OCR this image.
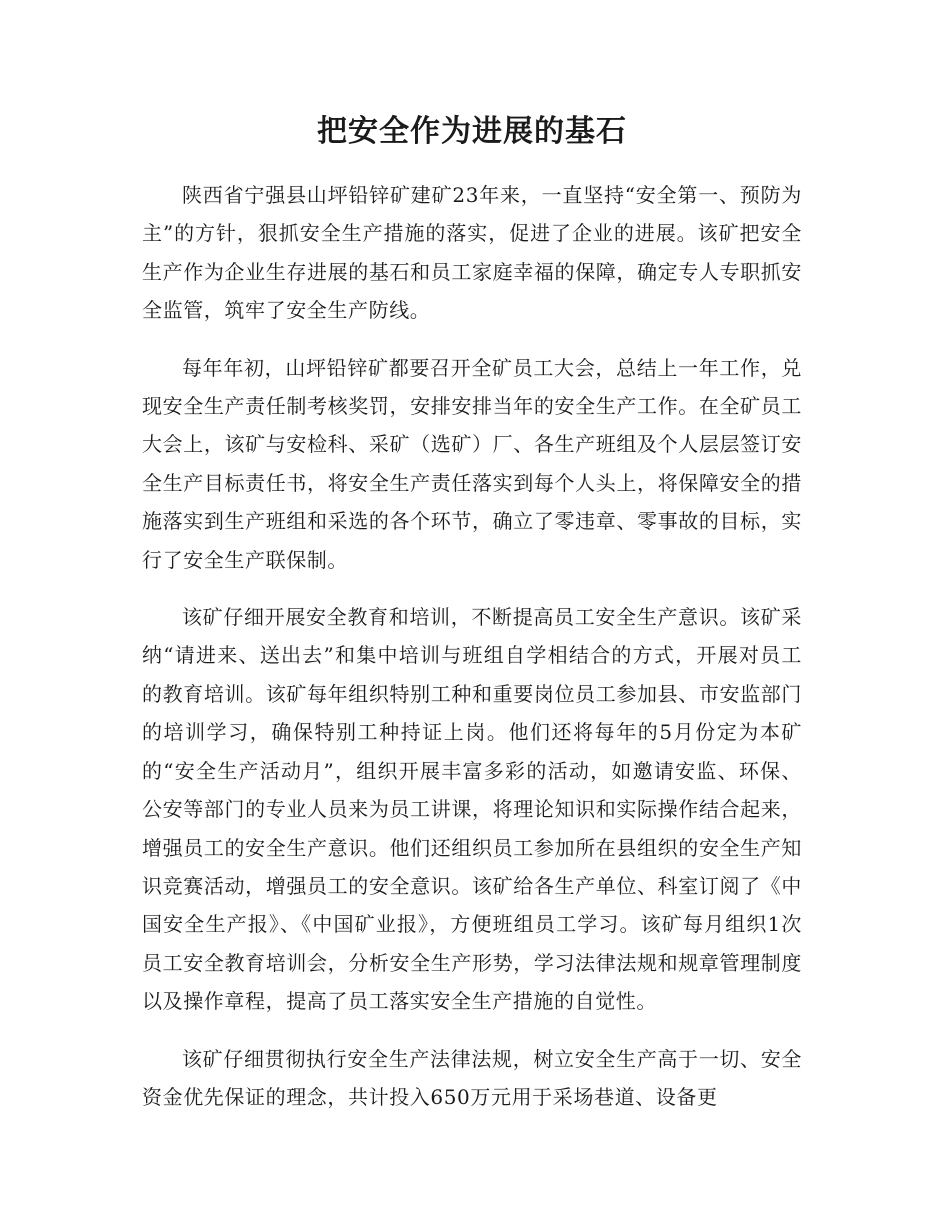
把安全作为进展的基石

陕西省宁强县山坪铅锌矿建矿23年来，一直坚持“安全第一、预防为主”的方针，狠抓安全生产措施的落实，促进了企业的进展。该矿把安全生产作为企业生存进展的基石和员工家庭幸福的保障，确定专人专职抓安全监管，筑牢了安全生产防线。

每年年初，山坪铅锌矿都要召开全矿员工大会，总结上一年工作，兑现安全生产责任制考核奖罚，安排安排当年的安全生产工作。在全矿员工大会上，该矿与安检科、采矿（选矿）厂、各生产班组及个人层层签订安全生产目标责任书，将安全生产责任落实到每个人头上，将保障安全的措施落实到生产班组和采选的各个环节，确立了零违章、零事故的目标，实行了安全生产联保制。

该矿仔细开展安全教育和培训，不断提高员工安全生产意识。该矿采纳“请进来、送出去”和集中培训与班组自学相结合的方式，开展对员工的教育培训。该矿每年组织特别工种和重要岗位员工参加县、市安监部门的培训学习，确保特别工种持证上岗。他们还将每年的5月份定为本矿的“安全生产活动月”，组织开展丰富多彩的活动，如邀请安监、环保、公安等部门的专业人员来为员工讲课，将理论知识和实际操作结合起来，增强员工的安全生产意识。他们还组织员工参加所在县组织的安全生产知识竞赛活动，增强员工的安全意识。该矿给各生产单位、科室订阅了《中国安全生产报》、《中国矿业报》，方便班组员工学习。该矿每月组织1次员工安全教育培训会，分析安全生产形势，学习法律法规和规章管理制度以及操作章程，提高了员工落实安全生产措施的自觉性。

该矿仔细贯彻执行安全生产法律法规，树立安全生产高于一切、安全资金优先保证的理念，共计投入650万元用于采场巷道、设备更
